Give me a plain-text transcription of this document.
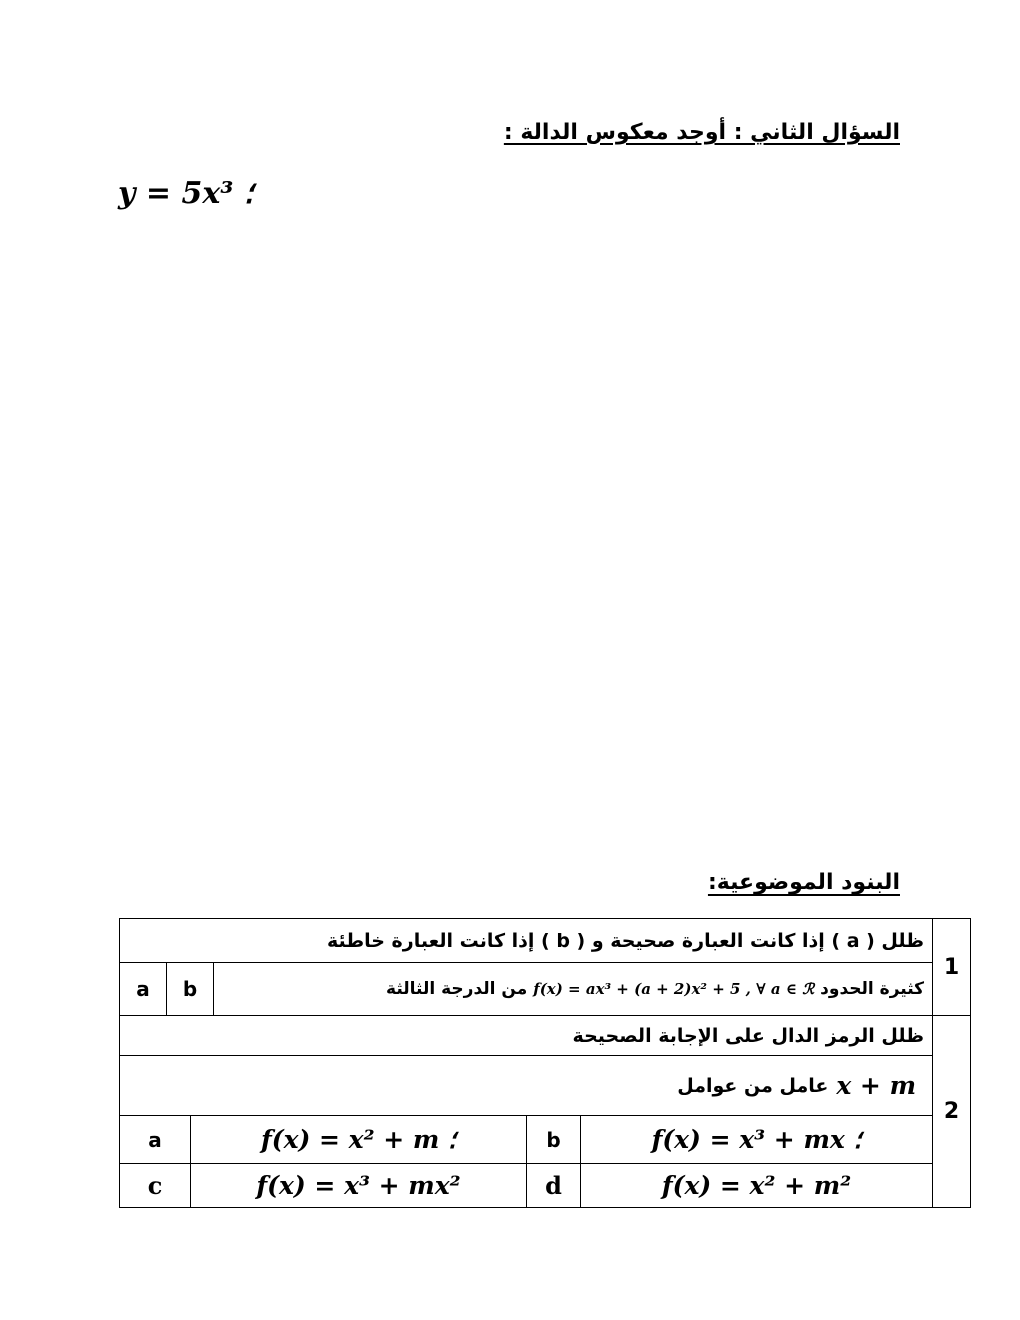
السؤال الثاني : أوجد معكوس الدالة :
y = 5x³ ؛
البنود الموضوعية:
ظلل ( a ) إذا كانت العبارة صحيحة و ( b ) إذا كانت العبارة خاطئة				1

a b من الدرجة الثالثة f(x) = ax³ + (a + 2)x² + 5 , ∀ a ∈ ℛ كثيرة الحدود				

ظلل الرمز الدال على الإجابة الصحيحة				2

عامل من عوامل x + m				

a	f(x) = x² + m ؛	b	f(x) = x³ + mx ؛	
c	f(x) = x³ + mx²	d	f(x) = x² + m²	
